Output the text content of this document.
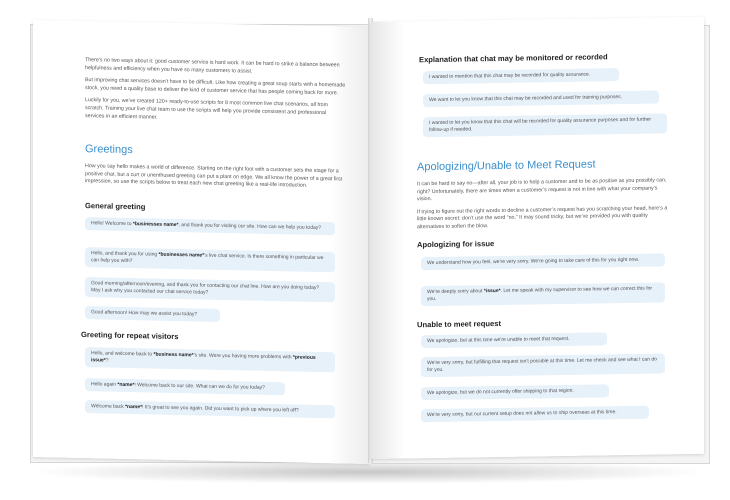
There’s no two ways about it: good customer service is hard work. It can be hard to strike a balance between helpfulness and efficiency when you have so many customers to assist.

But improving chat services doesn’t have to be difficult. Like how creating a great soup starts with a homemade stock, you need a quality base to deliver the kind of customer service that has people coming back for more.

Luckily for you, we’ve created 120+ ready-to-use scripts for 8 most common live chat scenarios, all from scratch. Training your live chat team to use the scripts will help you provide consistent and professional services in an efficient manner.

Greetings

How you say hello makes a world of difference. Starting on the right foot with a customer sets the stage for a positive chat, but a curt or unenthused greeting can put a plant on edge. We all know the power of a great first impression, so use the scripts below to treat each new chat greeting like a real-life introduction.

General greeting
Hello! Welcome to *businesses name*, and thank you for visiting our site. How can we help you today?
Hello, and thank you for using *businesses name*’s live chat service. Is there something in particular we can help you with?
Good morning/afternoon/evening, and thank you for contacting our chat line. How are you doing today? May I ask why you contacted our chat service today?
Good afternoon! How may we assist you today?
Greeting for repeat visitors
Hello, and welcome back to *business name*’s site. Were you having more problems with *previous issue*?
Hello again *name*! Welcome back to our site. What can we do for you today?
Welcome back *name*! It’s great to see you again. Did you want to pick up where you left off?
Explanation that chat may be monitored or recorded
I wanted to mention that this chat may be recorded for quality assurance.
We want to let you know that this chat may be recorded and used for training purposes.
I wanted to let you know that this chat will be recorded for quality assurance purposes and for further follow-up if needed.
Apologizing/Unable to Meet Request

It can be hard to say no—after all, your job is to help a customer and to be as positive as you possibly can, right? Unfortunately, there are times when a customer’s request is not in line with what your company’s vision.

If trying to figure out the right words to decline a customer’s request has you scratching your head, here’s a little known secret: don’t use the word “no.” It may sound tricky, but we’ve provided you with quality alternatives to soften the blow.

Apologizing for issue
We understand how you feel, we’re very sorry. We’re going to take care of this for you right now.
We’re deeply sorry about *issue*. Let me speak with my supervisor to see how we can correct this for you.
Unable to meet request
We apologize, but at this time we’re unable to meet that request.
We’re very sorry, but fulfilling that request isn’t possible at this time. Let me check and see what I can do for you.
We apologize, but we do not currently offer shipping to that region.
We’re very sorry, but our current setup does not allow us to ship overseas at this time.
